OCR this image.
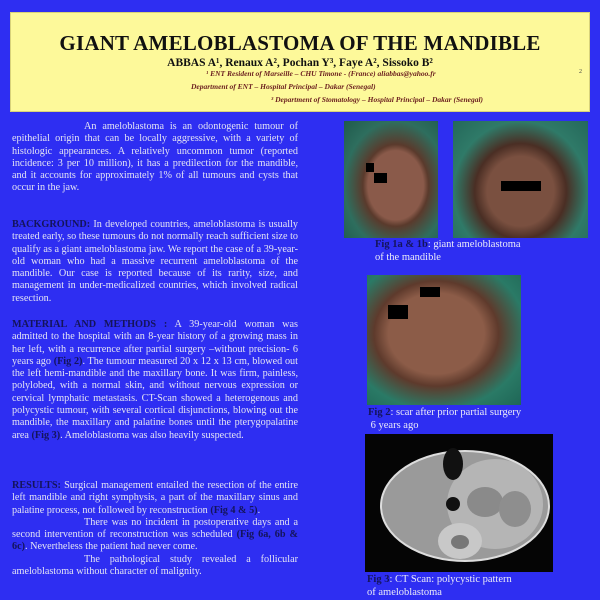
GIANT AMELOBLASTOMA OF THE MANDIBLE
ABBAS A¹, Renaux A², Pochan Y³, Faye A², Sissoko B²
¹ ENT Resident of Marseille – CHU Timone - (France) aliabbas@yahoo.fr
Department of ENT – Hospital Principal – Dakar (Senegal)
³ Department of Stomatology – Hospital Principal – Dakar (Senegal)
2

An ameloblastoma is an odontogenic tumour of epithelial origin that can be locally aggressive, with a variety of histologic appearances. A relatively uncommon tumor (reported incidence: 3 per 10 million), it has a predilection for the mandible, and it accounts for approximately 1% of all tumours and cysts that occur in the jaw.

BACKGROUND: In developed countries, ameloblastoma is usually treated early, so these tumours do not normally reach sufficient size to qualify as a giant ameloblastoma jaw. We report the case of a 39-year-old woman who had a massive recurrent ameloblastoma of the mandible. Our case is reported because of its rarity, size, and management in under-medicalized countries, which involved radical resection.

MATERIAL AND METHODS : A 39-year-old woman was admitted to the hospital with an 8-year history of a growing mass in her left, with a recurrence after partial surgery –without precision- 6 years ago (Fig 2). The tumour measured 20 x 12 x 13 cm, blowed out the left hemi-mandible and the maxillary bone. It was firm, painless, polylobed, with a normal skin, and without nervous expression or cervical lymphatic metastasis. CT-Scan showed a heterogenous and polycystic tumour, with several cortical disjunctions, blowing out the mandible, the maxillary and palatine bones until the pterygopalatine area (Fig 3). Ameloblastoma was also heavily suspected.

RESULTS: Surgical management entailed the resection of the entire left mandible and right symphysis, a part of the maxillary sinus and palatine process, not followed by reconstruction (Fig 4 & 5).

There was no incident in postoperative days and a second intervention of reconstruction was scheduled (Fig 6a, 6b & 6c). Nevertheless the patient had never come.

The pathological study revealed a follicular ameloblastoma without character of malignity.

Fig 1a & 1b: giant ameloblastoma
of the mandible
Fig 2: scar after prior partial surgery
6 years ago
Fig 3: CT Scan: polycystic pattern
of ameloblastoma
